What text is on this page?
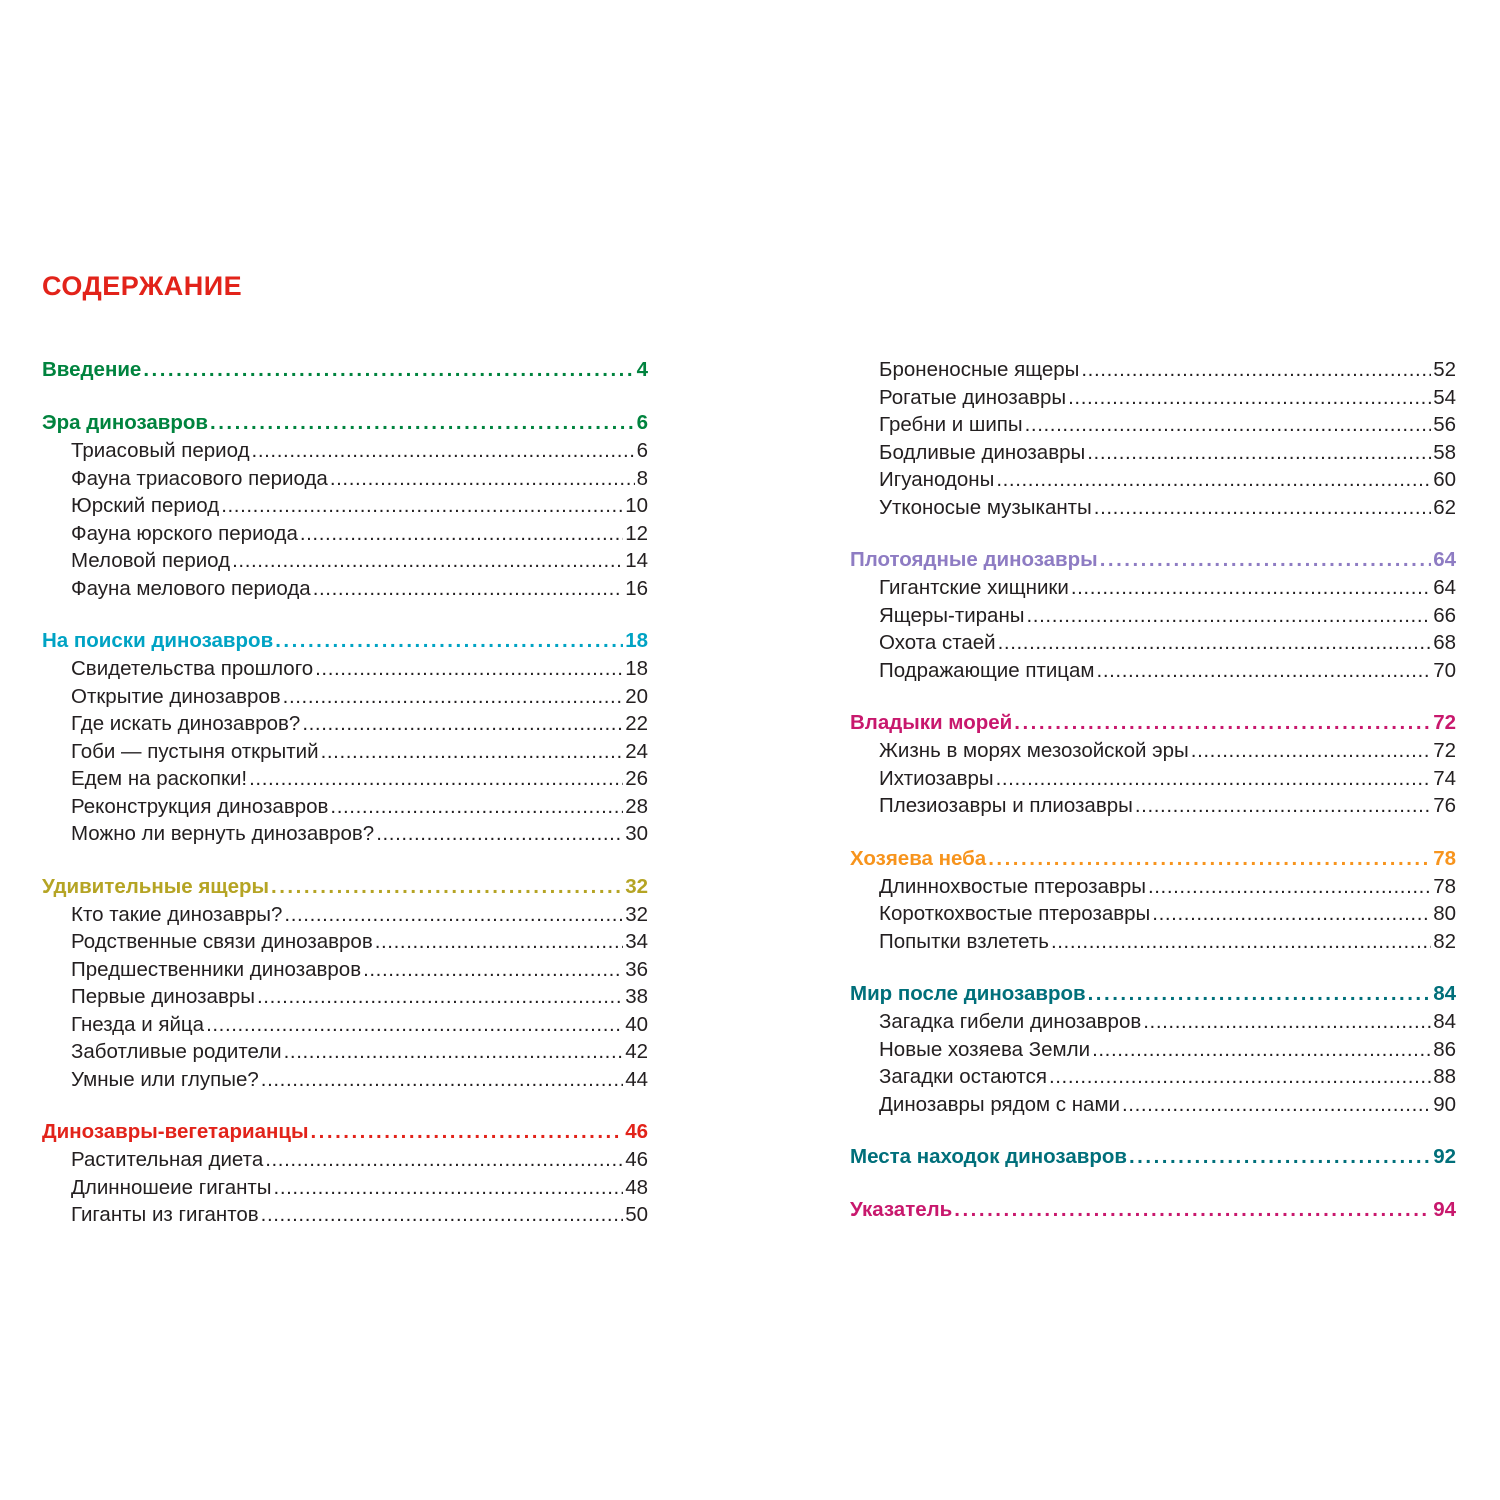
СОДЕРЖАНИЕ
Введение .....	4
Эра динозавров .....	6
Триасовый период .....	6
Фауна триасового периода .....	8
Юрский период .....	10
Фауна юрского периода .....	12
Меловой период .....	14
Фауна мелового периода .....	16
На поиски динозавров .....	18
Свидетельства прошлого .....	18
Открытие динозавров .....	20
Где искать динозавров? .....	22
Гоби — пустыня открытий .....	24
Едем на раскопки! .....	26
Реконструкция динозавров .....	28
Можно ли вернуть динозавров? .....	30
Удивительные ящеры .....	32
Кто такие динозавры? .....	32
Родственные связи динозавров .....	34
Предшественники динозавров .....	36
Первые динозавры .....	38
Гнезда и яйца .....	40
Заботливые родители .....	42
Умные или глупые? .....	44
Динозавры-вегетарианцы .....	46
Растительная диета .....	46
Длинношеие гиганты .....	48
Гиганты из гигантов .....	50
Броненосные ящеры .....	52
Рогатые динозавры .....	54
Гребни и шипы .....	56
Бодливые динозавры .....	58
Игуанодоны .....	60
Утконосые музыканты .....	62
Плотоядные динозавры .....	64
Гигантские хищники .....	64
Ящеры-тираны .....	66
Охота стаей .....	68
Подражающие птицам .....	70
Владыки морей .....	72
Жизнь в морях мезозойской эры .....	72
Ихтиозавры .....	74
Плезиозавры и плиозавры .....	76
Хозяева неба .....	78
Длиннохвостые птерозавры .....	78
Короткохвостые птерозавры .....	80
Попытки взлететь .....	82
Мир после динозавров .....	84
Загадка гибели динозавров .....	84
Новые хозяева Земли .....	86
Загадки остаются .....	88
Динозавры рядом с нами .....	90
Места находок динозавров .....	92
Указатель .....	94
